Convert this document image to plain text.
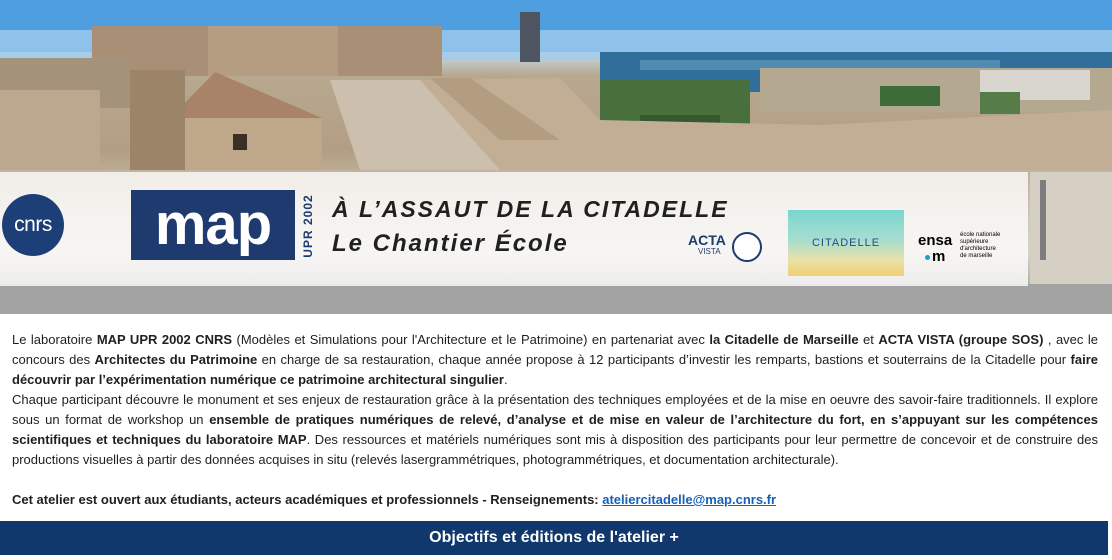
cnrs map UPR 2002 À L’ASSAUT DE LA CITADELLE
Le Chantier École	ACTA
VISTA
CITADELLE	ensa
m
école nationale
supérieure
d'architecture
de marseille

Le laboratoire MAP UPR 2002 CNRS (Modèles et Simulations pour l'Architecture et le Patrimoine) en partenariat avec la Citadelle de Marseille et ACTA VISTA (groupe SOS) , avec le concours des Architectes du Patrimoine en charge de sa restauration, chaque année propose à 12 participants d’investir les remparts, bastions et souterrains de la Citadelle pour faire découvrir par l’expérimentation numérique ce patrimoine architectural singulier.

Chaque participant découvre le monument et ses enjeux de restauration grâce à la présentation des techniques employées et de la mise en oeuvre des savoir-faire traditionnels. Il explore sous un format de workshop un ensemble de pratiques numériques de relevé, d’analyse et de mise en valeur de l’architecture du fort, en s’appuyant sur les compétences scientifiques et techniques du laboratoire MAP. Des ressources et matériels numériques sont mis à disposition des participants pour leur permettre de concevoir et de construire des productions visuelles à partir des données acquises in situ (relevés lasergrammétriques, photogrammétriques, et documentation architecturale).

Cet atelier est ouvert aux étudiants, acteurs académiques et professionnels - Renseignements: ateliercitadelle@map.cnrs.fr

Objectifs et éditions de l'atelier +
